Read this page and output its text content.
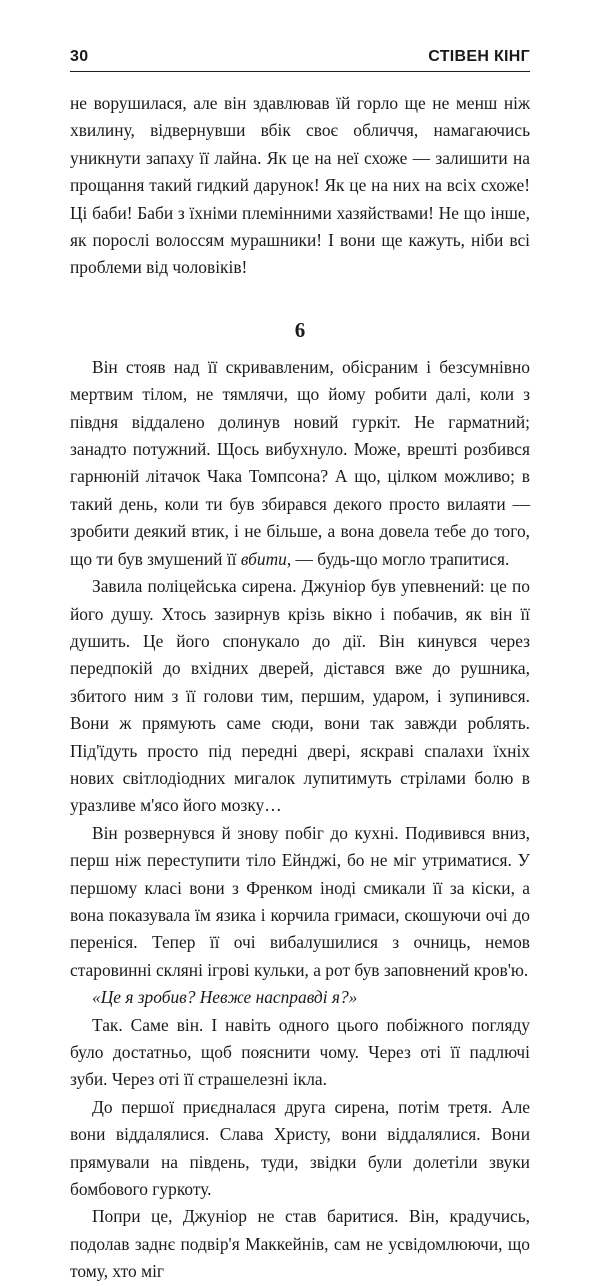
30	СТІВЕН КІНГ

не ворушилася, але він здавлював їй горло ще не менш ніж хвилину, відвернувши вбік своє обличчя, намагаючись уникнути запаху її лайна. Як це на неї схоже — залишити на прощання такий гидкий дарунок! Як це на них на всіх схоже! Ці баби! Баби з їхніми племінними хазяйствами! Не що інше, як порослі волоссям мурашники! І вони ще кажуть, ніби всі проблеми від чоловіків!

6

Він стояв над її скривавленим, обісраним і безсумнівно мертвим тілом, не тямлячи, що йому робити далі, коли з півдня віддалено долинув новий гуркіт. Не гарматний; занадто потужний. Щось вибухнуло. Може, врешті розбився гарнюній літачок Чака Томпсона? А що, цілком можливо; в такий день, коли ти був збирався декого просто вилаяти — зробити деякий втик, і не більше, а вона довела тебе до того, що ти був змушений її вбити, — будь-що могло трапитися.

Завила поліцейська сирена. Джуніор був упевнений: це по його душу. Хтось зазирнув крізь вікно і побачив, як він її душить. Це його спонукало до дії. Він кинувся через передпокій до вхідних дверей, дістався вже до рушника, збитого ним з її голови тим, першим, ударом, і зупинився. Вони ж прямують саме сюди, вони так завжди роблять. Під'їдуть просто під передні двері, яскраві спалахи їхніх нових світлодіодних мигалок лупитимуть стрілами болю в уразливе м'ясо його мозку…

Він розвернувся й знову побіг до кухні. Подивився вниз, перш ніж переступити тіло Ейнджі, бо не міг утриматися. У першому класі вони з Френком іноді смикали її за кіски, а вона показувала їм язика і корчила гримаси, скошуючи очі до переніся. Тепер її очі вибалушилися з очниць, немов старовинні скляні ігрові кульки, а рот був заповнений кров'ю.

«Це я зробив? Невже насправді я?»

Так. Саме він. І навіть одного цього побіжного погляду було достатньо, щоб пояснити чому. Через оті її падлючі зуби. Через оті її страшелезні ікла.

До першої приєдналася друга сирена, потім третя. Але вони віддалялися. Слава Христу, вони віддалялися. Вони прямували на південь, туди, звідки були долетіли звуки бомбового гуркоту.

Попри це, Джуніор не став баритися. Він, крадучись, подолав заднє подвір'я Маккейнів, сам не усвідомлюючи, що тому, хто міг
